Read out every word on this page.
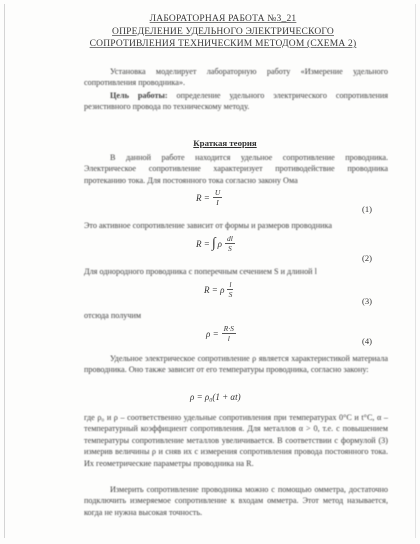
ЛАБОРАТОРНАЯ РАБОТА №3_21
ОПРЕДЕЛЕНИЕ УДЕЛЬНОГО ЭЛЕКТРИЧЕСКОГО
СОПРОТИВЛЕНИЯ ТЕХНИЧЕСКИМ МЕТОДОМ (СХЕМА 2)
Установка моделирует лабораторную работу «Измерение удельного сопротивления проводника».
Цель работы: определение удельного электрического сопротивления резистивного провода по техническому методу.
Краткая теория
В данной работе находится удельное сопротивление проводника. Электрическое сопротивление характеризует противодействие проводника протеканию тока. Для постоянного тока согласно закону Ома
$R = \frac{U}{I}$
(1)
Это активное сопротивление зависит от формы и размеров проводника
R = ∫ ρ $\frac{dl}{S}$
(2)
Для однородного проводника с поперечным сечением S и длиной l
R = ρ $\frac{l}{S}$
(3)
отсюда получим
$\rho = \frac{R\cdot S}{l}$	(4)
Удельное электрическое сопротивление ρ является характеристикой материала проводника. Оно также зависит от его температуры проводника, согласно закону:
ρ = ρ₀(1 + αt)
где ρ₀ и ρ – соответственно удельные сопротивления при температурах 0°С и t°С, α – температурный коэффициент сопротивления. Для металлов α > 0, т.е. с повышением температуры сопротивление металлов увеличивается. В соответствии с формулой (3) измерив величины ρ и сняв их с измерения сопротивления провода постоянного тока. Их геометрические параметры проводника на R.
Измерить сопротивление проводника можно с помощью омметра, достаточно подключить измеряемое сопротивление к входам омметра. Этот метод называется, когда не нужна высокая точность.
